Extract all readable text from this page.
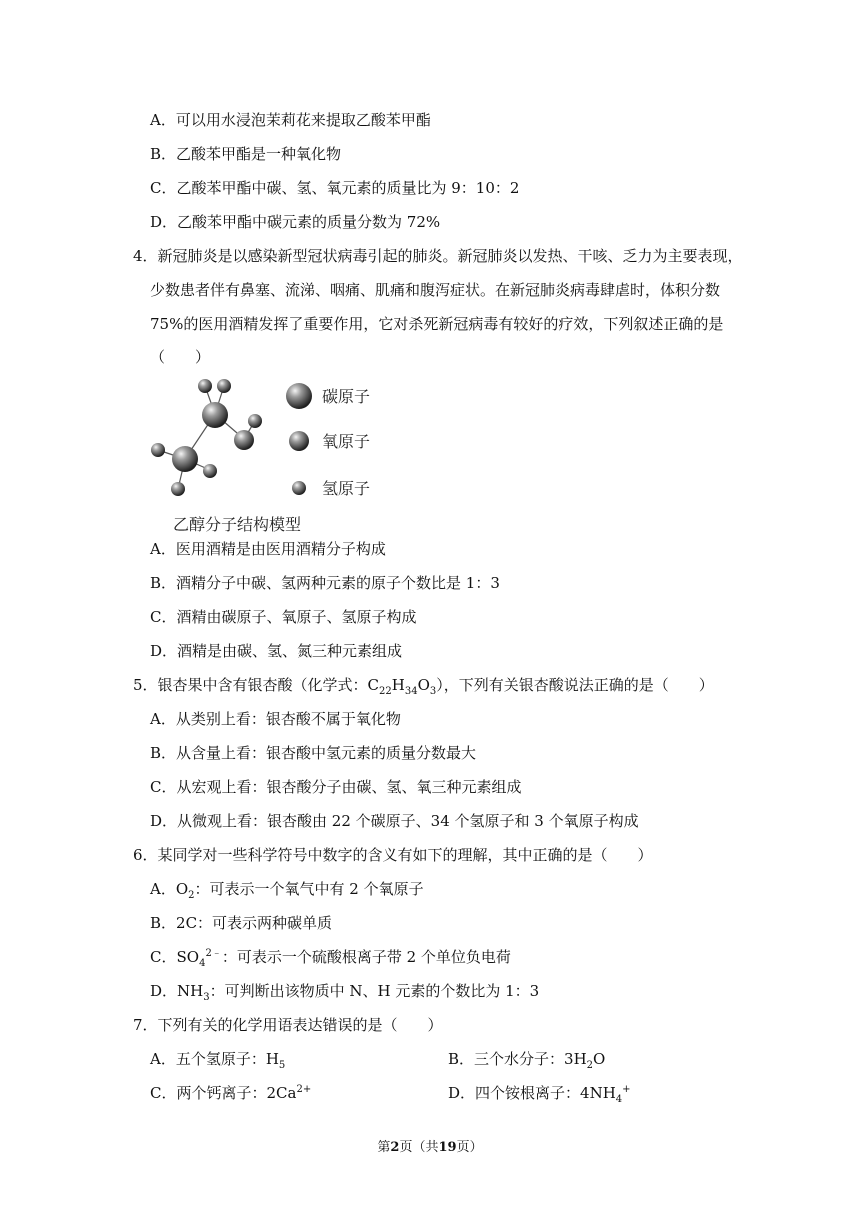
A．可以用水浸泡茉莉花来提取乙酸苯甲酯
B．乙酸苯甲酯是一种氧化物
C．乙酸苯甲酯中碳、氢、氧元素的质量比为 9：10：2
D．乙酸苯甲酯中碳元素的质量分数为 72%
4．新冠肺炎是以感染新型冠状病毒引起的肺炎。新冠肺炎以发热、干咳、乏力为主要表现，
少数患者伴有鼻塞、流涕、咽痛、肌痛和腹泻症状。在新冠肺炎病毒肆虐时，体积分数
75%的医用酒精发挥了重要作用，它对杀死新冠病毒有较好的疗效，下列叙述正确的是
（　　）
碳原子
氧原子
氢原子
乙醇分子结构模型
A．医用酒精是由医用酒精分子构成
B．酒精分子中碳、氢两种元素的原子个数比是 1：3
C．酒精由碳原子、氧原子、氢原子构成
D．酒精是由碳、氢、氮三种元素组成
5．银杏果中含有银杏酸（化学式：$C_{22}H_{34}O_3$），下列有关银杏酸说法正确的是（　　）
A．从类别上看：银杏酸不属于氧化物
B．从含量上看：银杏酸中氢元素的质量分数最大
C．从宏观上看：银杏酸分子由碳、氢、氧三种元素组成
D．从微观上看：银杏酸由 22 个碳原子、34 个氢原子和 3 个氧原子构成
6．某同学对一些科学符号中数字的含义有如下的理解，其中正确的是（　　）
A．$O_2$：可表示一个氧气中有 2 个氧原子
B．2C：可表示两种碳单质
C．$SO_4^{2﹣}$：可表示一个硫酸根离子带 2 个单位负电荷
D．$NH_3$：可判断出该物质中 N、H 元素的个数比为 1：3
7．下列有关的化学用语表达错误的是（　　）
A．五个氢原子：$H_5$	B．三个水分子：$3H_2O$
C．两个钙离子：$2Ca^{2+}$	D．四个铵根离子：$4NH_4^+$
第2页（共19页）
